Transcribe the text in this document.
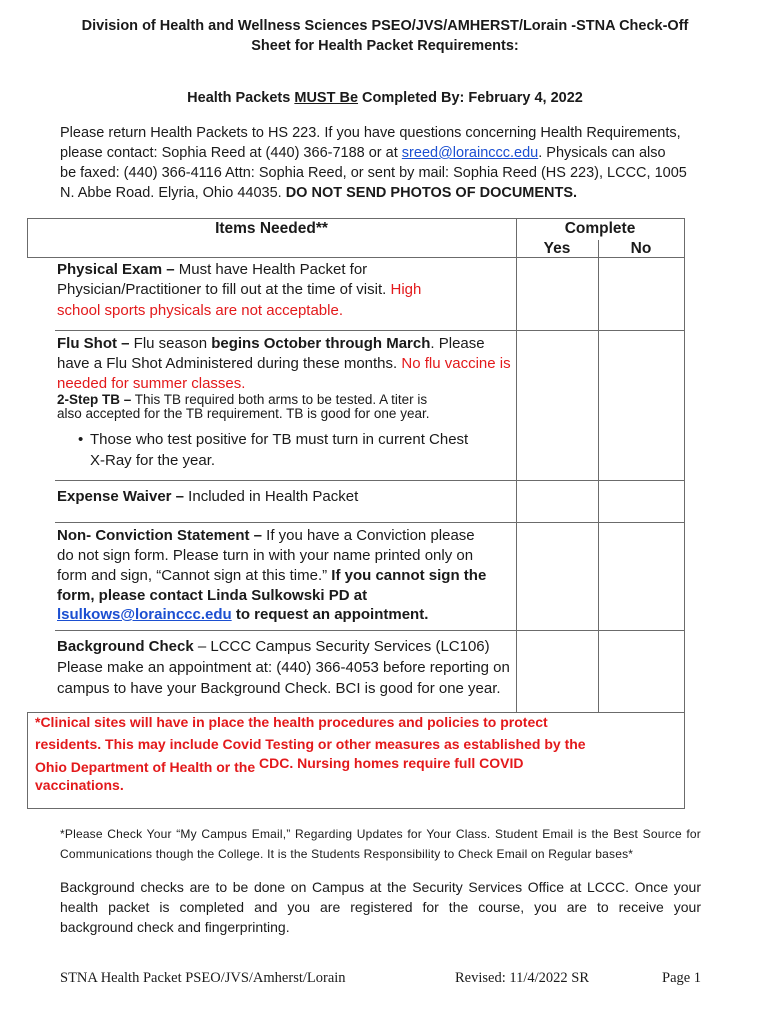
Division of Health and Wellness Sciences PSEO/JVS/AMHERST/Lorain -STNA Check-Off
Sheet for Health Packet Requirements:
Health Packets MUST Be Completed By: February 4, 2022
Please return Health Packets to HS 223. If you have questions concerning Health Requirements,
please contact: Sophia Reed at (440) 366-7188 or at sreed@lorainccc.edu. Physicals can also
be faxed: (440) 366-4116 Attn: Sophia Reed, or sent by mail: Sophia Reed (HS 223), LCCC, 1005
N. Abbe Road. Elyria, Ohio 44035. DO NOT SEND PHOTOS OF DOCUMENTS.
Items Needed**	Complete
Yes	No
Physical Exam – Must have Health Packet for
Physician/Practitioner to fill out at the time of visit. High
school sports physicals are not acceptable.
Flu Shot – Flu season begins October through March. Please
have a Flu Shot Administered during these months. No flu vaccine is
needed for summer classes.
2-Step TB – This TB required both arms to be tested. A titer is
also accepted for the TB requirement. TB is good for one year.
• Those who test positive for TB must turn in current Chest
X-Ray for the year.
Expense Waiver – Included in Health Packet
Non- Conviction Statement – If you have a Conviction please
do not sign form. Please turn in with your name printed only on
form and sign, “Cannot sign at this time.” If you cannot sign the
form, please contact Linda Sulkowski PD at
lsulkows@lorainccc.edu to request an appointment.
Background Check – LCCC Campus Security Services (LC106)
Please make an appointment at: (440) 366-4053 before reporting on
campus to have your Background Check. BCI is good for one year.
*Clinical sites will have in place the health procedures and policies to protect
residents. This may include Covid Testing or other measures as established by the
Ohio Department of Health or the CDC. Nursing homes require full COVID
vaccinations.
*Please Check Your “My Campus Email,” Regarding Updates for Your Class. Student Email is the Best Source for
Communications though the College. It is the Students Responsibility to Check Email on Regular bases*
Background checks are to be done on Campus at the Security Services Office at LCCC. Once your
health packet is completed and you are registered for the course, you are to receive your
background check and fingerprinting.
STNA Health Packet PSEO/JVS/Amherst/Lorain	Revised: 11/4/2022 SR	Page 1
